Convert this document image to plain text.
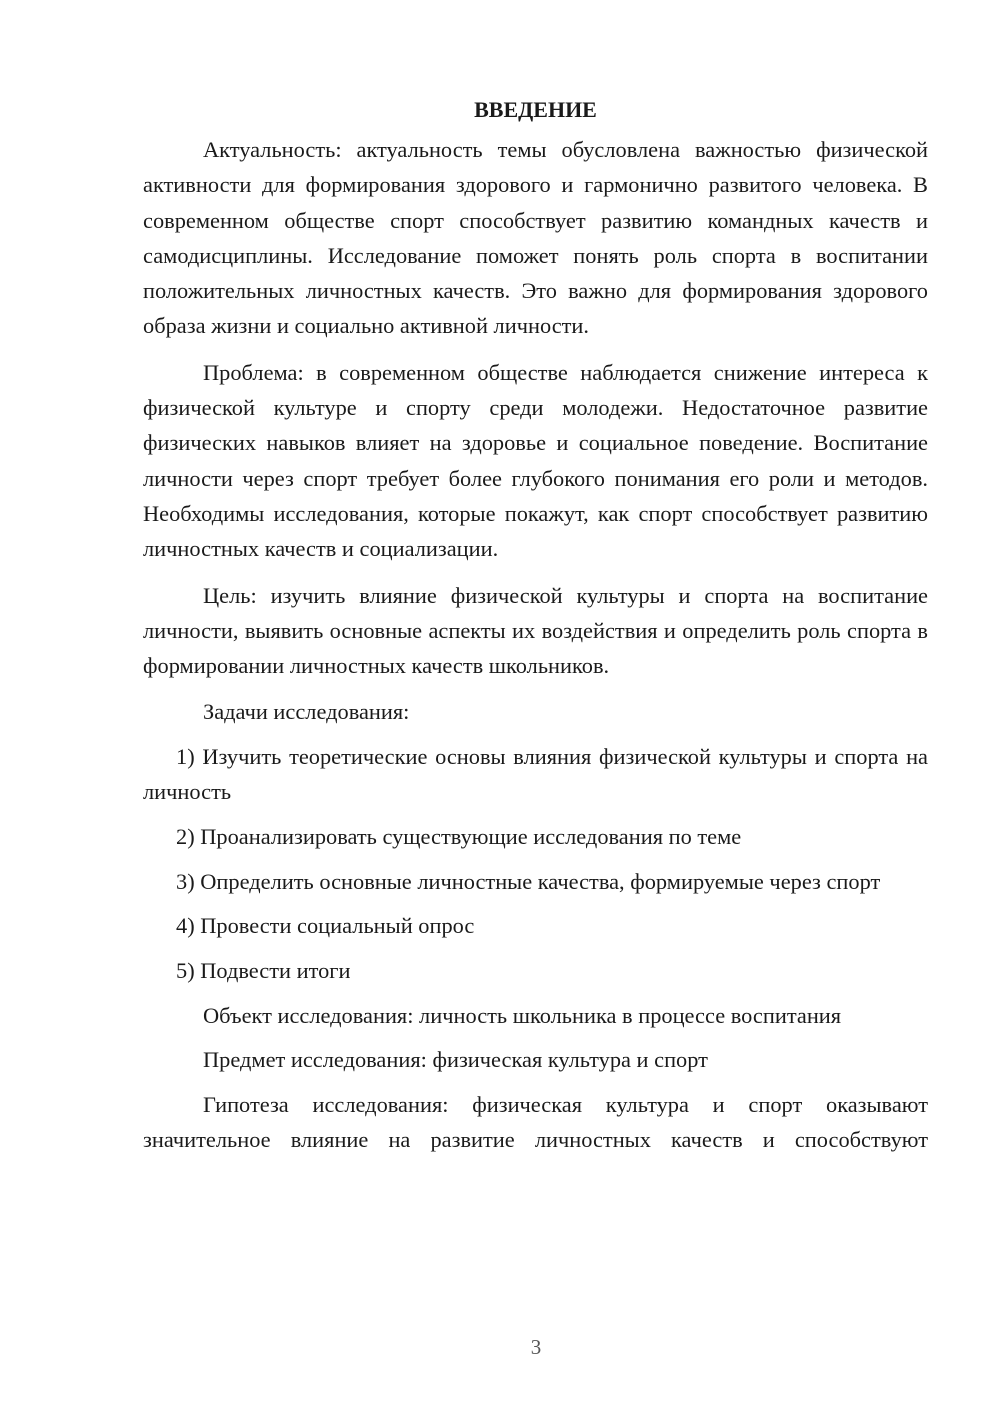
ВВЕДЕНИЕ

Актуальность: актуальность темы обусловлена важностью физической активности для формирования здорового и гармонично развитого человека. В современном обществе спорт способствует развитию командных качеств и самодисциплины. Исследование поможет понять роль спорта в воспитании положительных личностных качеств. Это важно для формирования здорового образа жизни и социально активной личности.

Проблема: в современном обществе наблюдается снижение интереса к физической культуре и спорту среди молодежи. Недостаточное развитие физических навыков влияет на здоровье и социальное поведение. Воспитание личности через спорт требует более глубокого понимания его роли и методов. Необходимы исследования, которые покажут, как спорт способствует развитию личностных качеств и социализации.

Цель: изучить влияние физической культуры и спорта на воспитание личности, выявить основные аспекты их воздействия и определить роль спорта в формировании личностных качеств школьников.

Задачи исследования:

1) Изучить теоретические основы влияния физической культуры и спорта на личность

2) Проанализировать существующие исследования по теме

3) Определить основные личностные качества, формируемые через спорт

4) Провести социальный опрос

5) Подвести итоги

Объект исследования: личность школьника в процессе воспитания

Предмет исследования: физическая культура и спорт

Гипотеза исследования: физическая культура и спорт оказывают значительное влияние на развитие личностных качеств и способствуют

3
